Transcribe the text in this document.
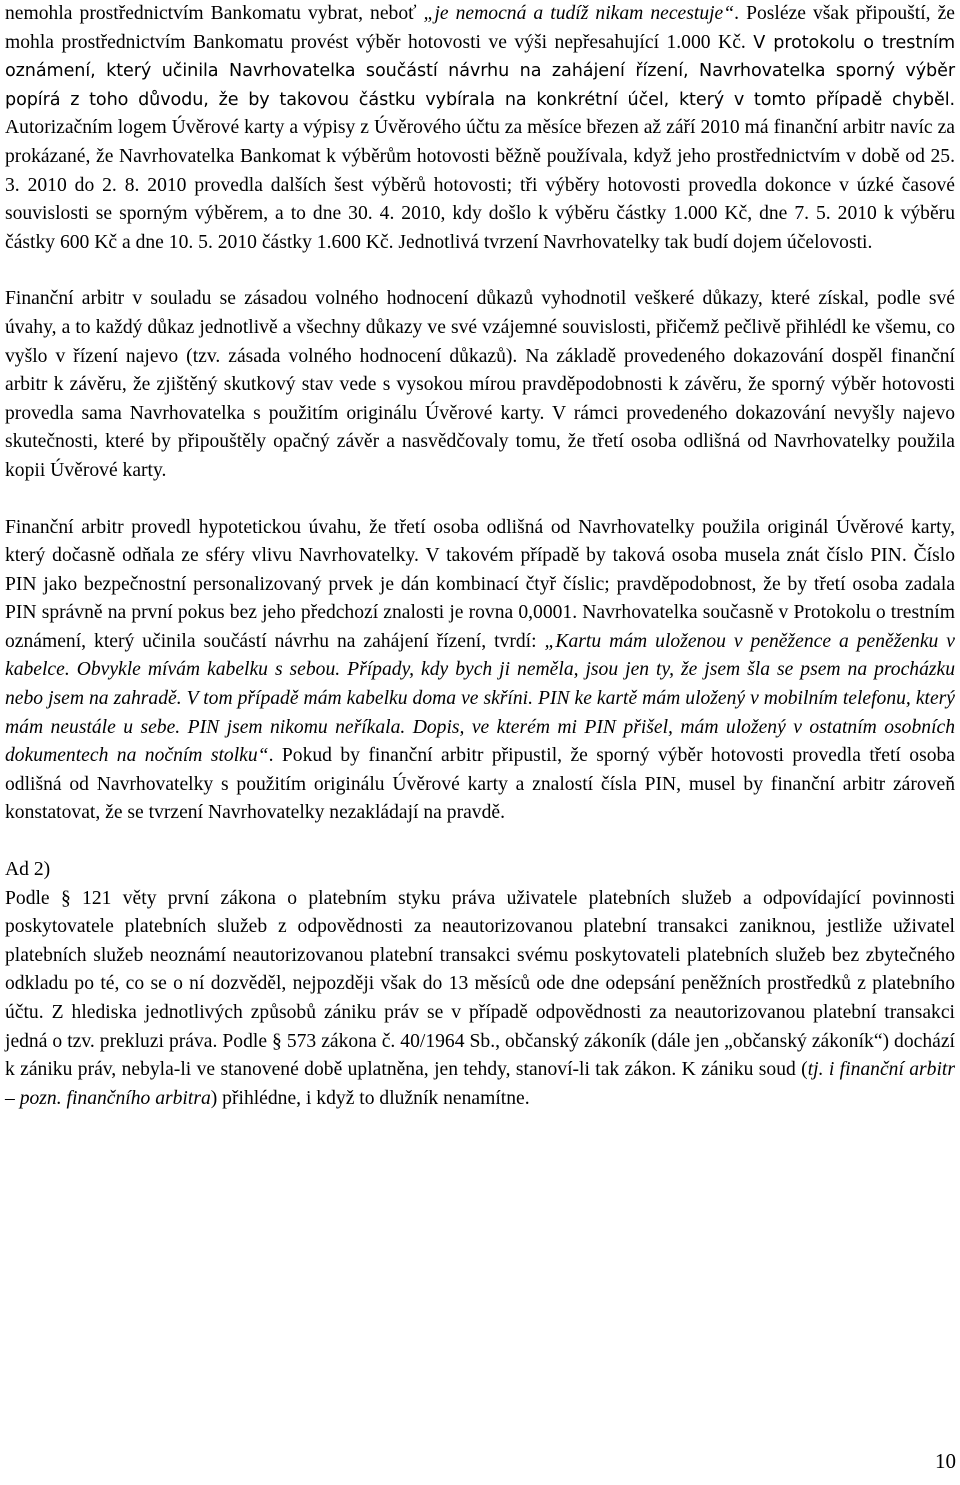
nemohla prostřednictvím Bankomatu vybrat, neboť „je nemocná a tudíž nikam necestuje“. Posléze však připouští, že mohla prostřednictvím Bankomatu provést výběr hotovosti ve výši nepřesahující 1.000 Kč. V protokolu o trestním oznámení, který učinila Navrhovatelka součástí návrhu na zahájení řízení, Navrhovatelka sporný výběr popírá z toho důvodu, že by takovou částku vybírala na konkrétní účel, který v tomto případě chyběl. Autorizačním logem Úvěrové karty a výpisy z Úvěrového účtu za měsíce březen až září 2010 má finanční arbitr navíc za prokázané, že Navrhovatelka Bankomat k výběrům hotovosti běžně používala, když jeho prostřednictvím v době od 25. 3. 2010 do 2. 8. 2010 provedla dalších šest výběrů hotovosti; tři výběry hotovosti provedla dokonce v úzké časové souvislosti se sporným výběrem, a to dne 30. 4. 2010, kdy došlo k výběru částky 1.000 Kč, dne 7. 5. 2010 k výběru částky 600 Kč a dne 10. 5. 2010 částky 1.600 Kč. Jednotlivá tvrzení Navrhovatelky tak budí dojem účelovosti.

Finanční arbitr v souladu se zásadou volného hodnocení důkazů vyhodnotil veškeré důkazy, které získal, podle své úvahy, a to každý důkaz jednotlivě a všechny důkazy ve své vzájemné souvislosti, přičemž pečlivě přihlédl ke všemu, co vyšlo v řízení najevo (tzv. zásada volného hodnocení důkazů). Na základě provedeného dokazování dospěl finanční arbitr k závěru, že zjištěný skutkový stav vede s vysokou mírou pravděpodobnosti k závěru, že sporný výběr hotovosti provedla sama Navrhovatelka s použitím originálu Úvěrové karty. V rámci provedeného dokazování nevyšly najevo skutečnosti, které by připouštěly opačný závěr a nasvědčovaly tomu, že třetí osoba odlišná od Navrhovatelky použila kopii Úvěrové karty.

Finanční arbitr provedl hypotetickou úvahu, že třetí osoba odlišná od Navrhovatelky použila originál Úvěrové karty, který dočasně odňala ze sféry vlivu Navrhovatelky. V takovém případě by taková osoba musela znát číslo PIN. Číslo PIN jako bezpečnostní personalizovaný prvek je dán kombinací čtyř číslic; pravděpodobnost, že by třetí osoba zadala PIN správně na první pokus bez jeho předchozí znalosti je rovna 0,0001. Navrhovatelka současně v Protokolu o trestním oznámení, který učinila součástí návrhu na zahájení řízení, tvrdí: „Kartu mám uloženou v peněžence a peněženku v kabelce. Obvykle mívám kabelku s sebou. Případy, kdy bych ji neměla, jsou jen ty, že jsem šla se psem na procházku nebo jsem na zahradě. V tom případě mám kabelku doma ve skříni. PIN ke kartě mám uložený v mobilním telefonu, který mám neustále u sebe. PIN jsem nikomu neříkala. Dopis, ve kterém mi PIN přišel, mám uložený v ostatním osobních dokumentech na nočním stolku“. Pokud by finanční arbitr připustil, že sporný výběr hotovosti provedla třetí osoba odlišná od Navrhovatelky s použitím originálu Úvěrové karty a znalostí čísla PIN, musel by finanční arbitr zároveň konstatovat, že se tvrzení Navrhovatelky nezakládají na pravdě.

Ad 2)

Podle § 121 věty první zákona o platebním styku práva uživatele platebních služeb a odpovídající povinnosti poskytovatele platebních služeb z odpovědnosti za neautorizovanou platební transakci zaniknou, jestliže uživatel platebních služeb neoznámí neautorizovanou platební transakci svému poskytovateli platebních služeb bez zbytečného odkladu po té, co se o ní dozvěděl, nejpozději však do 13 měsíců ode dne odepsání peněžních prostředků z platebního účtu. Z hlediska jednotlivých způsobů zániku práv se v případě odpovědnosti za neautorizovanou platební transakci jedná o tzv. prekluzi práva. Podle § 573 zákona č. 40/1964 Sb., občanský zákoník (dále jen „občanský zákoník“) dochází k zániku práv, nebyla-li ve stanovené době uplatněna, jen tehdy, stanoví-li tak zákon. K zániku soud (tj. i finanční arbitr – pozn. finančního arbitra) přihlédne, i když to dlužník nenamítne.

10
